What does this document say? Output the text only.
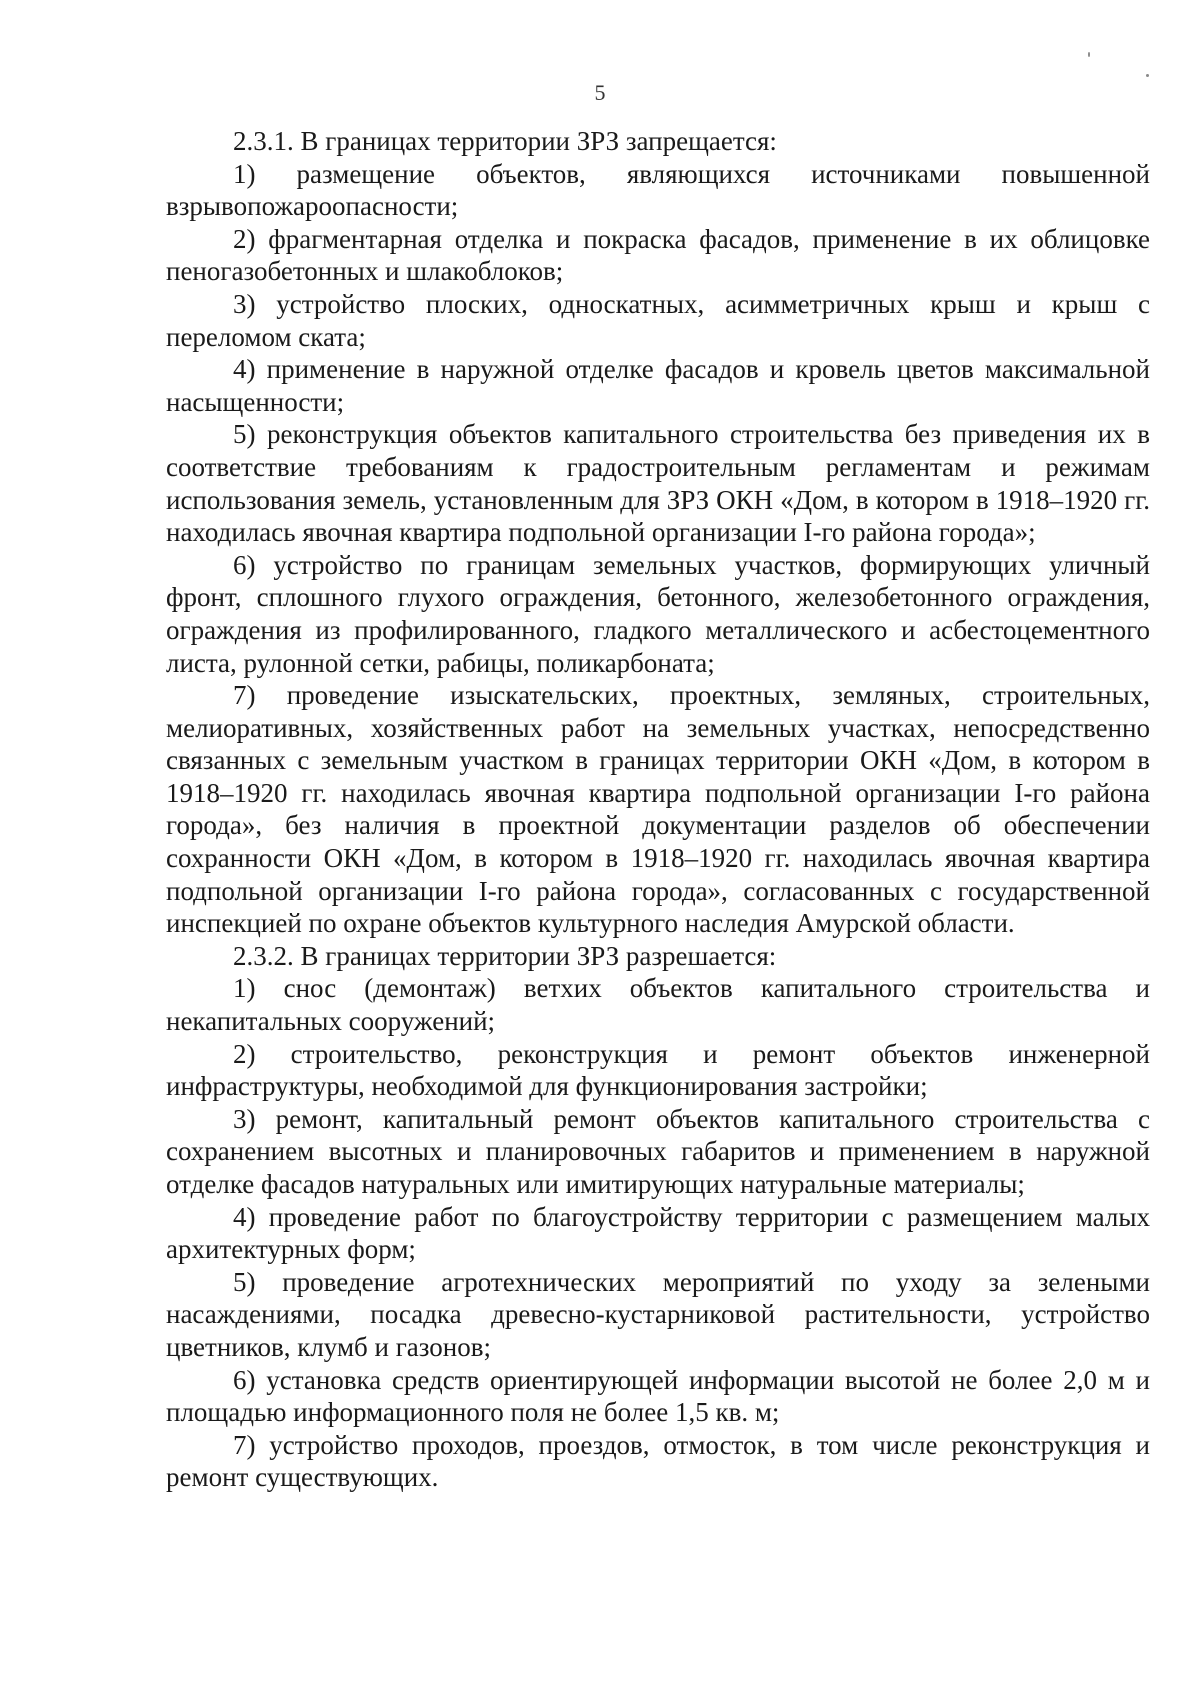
5

2.3.1. В границах территории ЗРЗ запрещается:

1) размещение объектов, являющихся источниками повышенной взрывопожароопасности;

2) фрагментарная отделка и покраска фасадов, применение в их облицовке пеногазобетонных и шлакоблоков;

3) устройство плоских, односкатных, асимметричных крыш и крыш с переломом ската;

4) применение в наружной отделке фасадов и кровель цветов максимальной насыщенности;

5) реконструкция объектов капитального строительства без приведения их в соответствие требованиям к градостроительным регламентам и режимам использования земель, установленным для ЗРЗ ОКН «Дом, в котором в 1918–1920 гг. находилась явочная квартира подпольной организации I-го района города»;

6) устройство по границам земельных участков, формирующих уличный фронт, сплошного глухого ограждения, бетонного, железобетонного ограждения, ограждения из профилированного, гладкого металлического и асбестоцементного листа, рулонной сетки, рабицы, поликарбоната;

7) проведение изыскательских, проектных, земляных, строительных, мелиоративных, хозяйственных работ на земельных участках, непосредственно связанных с земельным участком в границах территории ОКН «Дом, в котором в 1918–1920 гг. находилась явочная квартира подпольной организации I-го района города», без наличия в проектной документации разделов об обеспечении сохранности ОКН «Дом, в котором в 1918–1920 гг. находилась явочная квартира подпольной организации I-го района города», согласованных с государственной инспекцией по охране объектов культурного наследия Амурской области.

2.3.2. В границах территории ЗРЗ разрешается:

1) снос (демонтаж) ветхих объектов капитального строительства и некапитальных сооружений;

2) строительство, реконструкция и ремонт объектов инженерной инфраструктуры, необходимой для функционирования застройки;

3) ремонт, капитальный ремонт объектов капитального строительства с сохранением высотных и планировочных габаритов и применением в наружной отделке фасадов натуральных или имитирующих натуральные материалы;

4) проведение работ по благоустройству территории с размещением малых архитектурных форм;

5) проведение агротехнических мероприятий по уходу за зелеными насаждениями, посадка древесно-кустарниковой растительности, устройство цветников, клумб и газонов;

6) установка средств ориентирующей информации высотой не более 2,0 м и площадью информационного поля не более 1,5 кв. м;

7) устройство проходов, проездов, отмосток, в том числе реконструкция и ремонт существующих.
